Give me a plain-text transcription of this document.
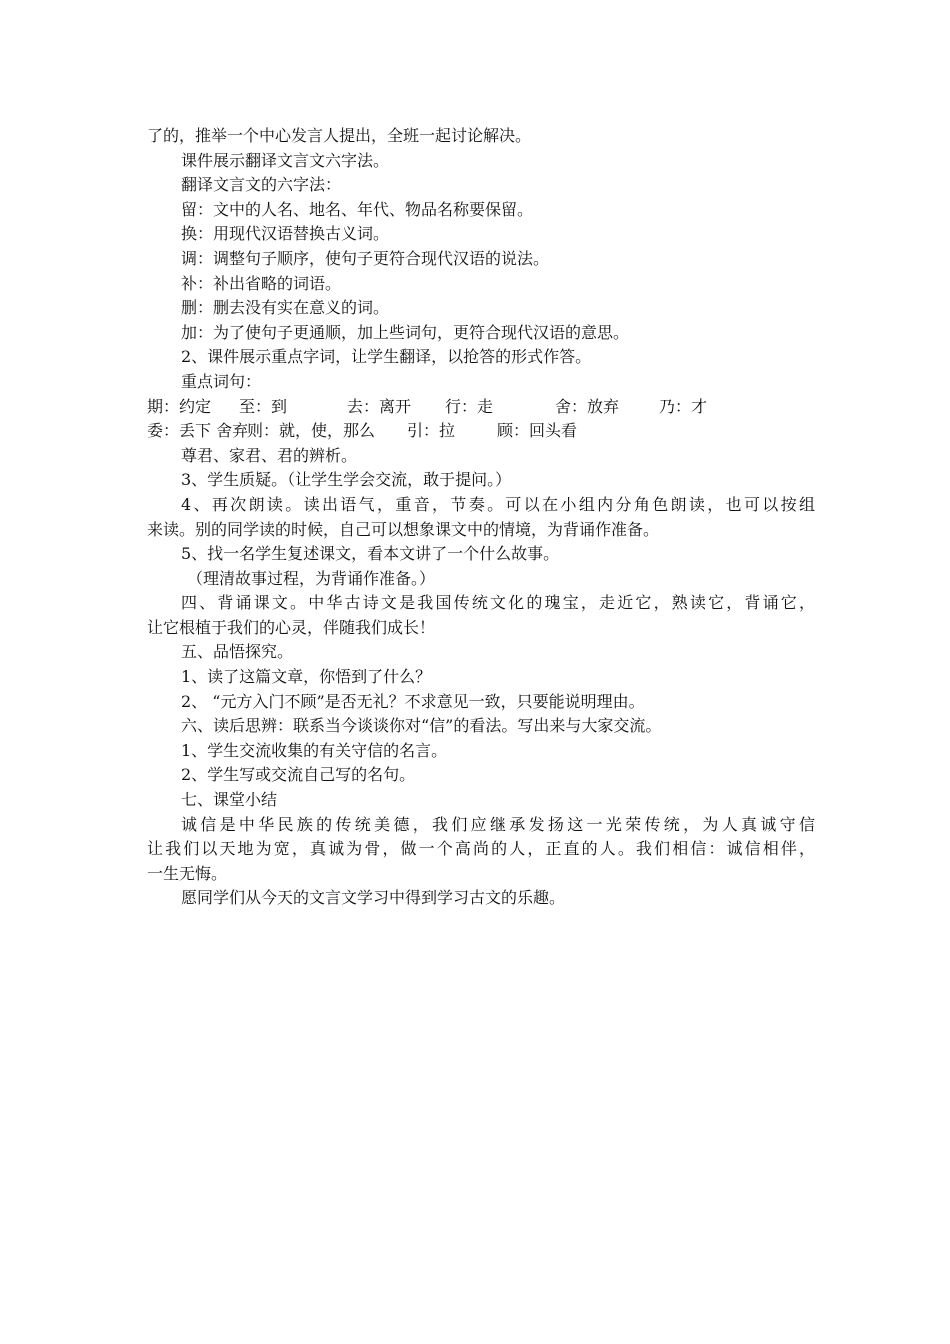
了的，推举一个中心发言人提出，全班一起讨论解决。
课件展示翻译文言文六字法。
翻译文言文的六字法：
留：文中的人名、地名、年代、物品名称要保留。
换：用现代汉语替换古义词。
调：调整句子顺序，使句子更符合现代汉语的说法。
补：补出省略的词语。
删：删去没有实在意义的词。
加：为了使句子更通顺，加上些词句，更符合现代汉语的意思。
2、课件展示重点字词，让学生翻译，以抢答的形式作答。
重点词句：
期：约定 至：到	去：离开 行：走	舍：放弃 乃：才
委：丢下 舍弃则：就，使，那么 引：拉	顾：回头看
尊君、家君、君的辨析。
3、学生质疑。（让学生学会交流，敢于提问。）
4、再次朗读。读出语气，重音，节奏。可以在小组内分角色朗读，也可以按组
来读。别的同学读的时候，自己可以想象课文中的情境，为背诵作准备。
5、找一名学生复述课文，看本文讲了一个什么故事。
（理清故事过程，为背诵作准备。）
四、背诵课文。中华古诗文是我国传统文化的瑰宝，走近它，熟读它，背诵它，
让它根植于我们的心灵，伴随我们成长！
五、品悟探究。
1、读了这篇文章，你悟到了什么？
2、 “元方入门不顾”是否无礼？不求意见一致，只要能说明理由。
六、读后思辨：联系当今谈谈你对“信”的看法。写出来与大家交流。
1、学生交流收集的有关守信的名言。
2、学生写或交流自己写的名句。
七、课堂小结
诚信是中华民族的传统美德，我们应继承发扬这一光荣传统，为人真诚守信
让我们以天地为宽，真诚为骨，做一个高尚的人，正直的人。我们相信：诚信相伴，
一生无悔。
愿同学们从今天的文言文学习中得到学习古文的乐趣。
